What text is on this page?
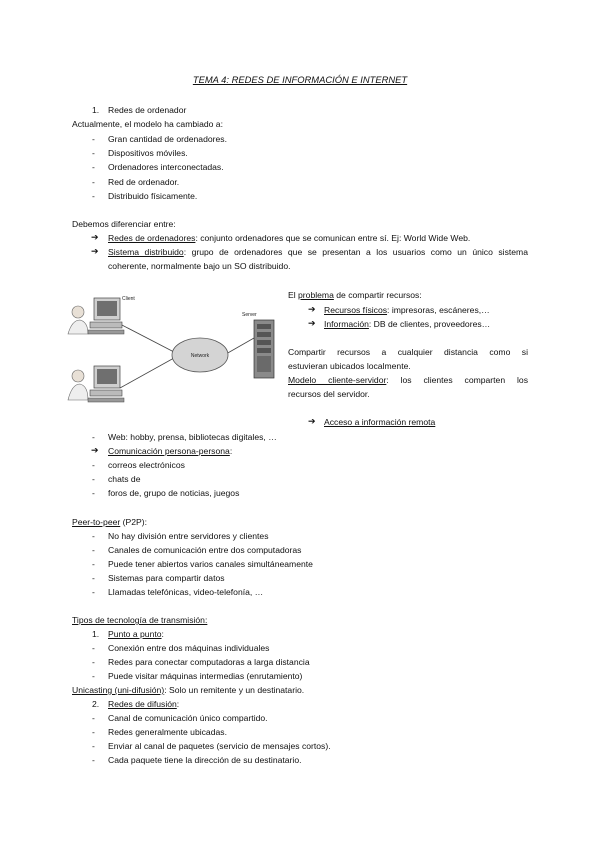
TEMA 4: REDES DE INFORMACIÓN E INTERNET
1. Redes de ordenador
Actualmente, el modelo ha cambiado a:
- Gran cantidad de ordenadores.
- Dispositivos móviles.
- Ordenadores interconectadas.
- Red de ordenador.
- Distribuido físicamente.
Debemos diferenciar entre:
➔ Redes de ordenadores: conjunto ordenadores que se comunican entre sí. Ej: World Wide Web.
➔ Sistema distribuido: grupo de ordenadores que se presentan a los usuarios como un único sistema
coherente, normalmente bajo un SO distribuido.
Network
Client
Server
El problema de compartir recursos:
➔ Recursos físicos: impresoras, escáneres,…
➔ Información: DB de clientes, proveedores…
Compartir recursos a cualquier distancia como si
estuvieran ubicados localmente.
Modelo cliente-servidor: los clientes comparten los
recursos del servidor.
➔ Acceso a información remota
- Web: hobby, prensa, bibliotecas digitales, …
➔ Comunicación persona-persona:
- correos electrónicos
- chats de
- foros de, grupo de noticias, juegos
Peer-to-peer (P2P):
- No hay división entre servidores y clientes
- Canales de comunicación entre dos computadoras
- Puede tener abiertos varios canales simultáneamente
- Sistemas para compartir datos
- Llamadas telefónicas, video-telefonía, …
Tipos de tecnología de transmisión:
1. Punto a punto:
- Conexión entre dos máquinas individuales
- Redes para conectar computadoras a larga distancia
- Puede visitar máquinas intermedias (enrutamiento)
Unicasting (uni-difusión): Solo un remitente y un destinatario.
2. Redes de difusión:
- Canal de comunicación único compartido.
- Redes generalmente ubicadas.
- Enviar al canal de paquetes (servicio de mensajes cortos).
- Cada paquete tiene la dirección de su destinatario.
